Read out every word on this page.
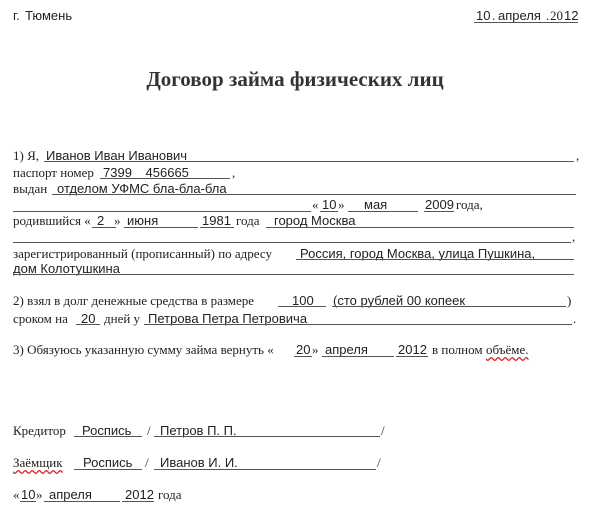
г. Тюмень	10 . апреля . 20 12
Договор займа физических лиц
1) Я, Иванов Иван Иванович	,
паспорт номер 7399 456665	,
выдан отделом УФМС бла-бла-бла
« 10 » мая	2009 года,
родившийся « 2 » июня	1981 года город Москва
,
зарегистрированный (прописанный) по адресу Россия, город Москва, улица Пушкина,
дом Колотушкина
2) взял в долг денежные средства в размере	100 (сто рублей 00 копеек	)
сроком на 20 дней у Петрова Петра Петровича	.
3) Обязуюсь указанную сумму займа вернуть « 20 » апреля 2012 в полном объёме.
Кредитор Роспись / Петров П. П.	/
Заёмщик Роспись / Иванов И. И.	/
« 10 » апреля	2012 года
